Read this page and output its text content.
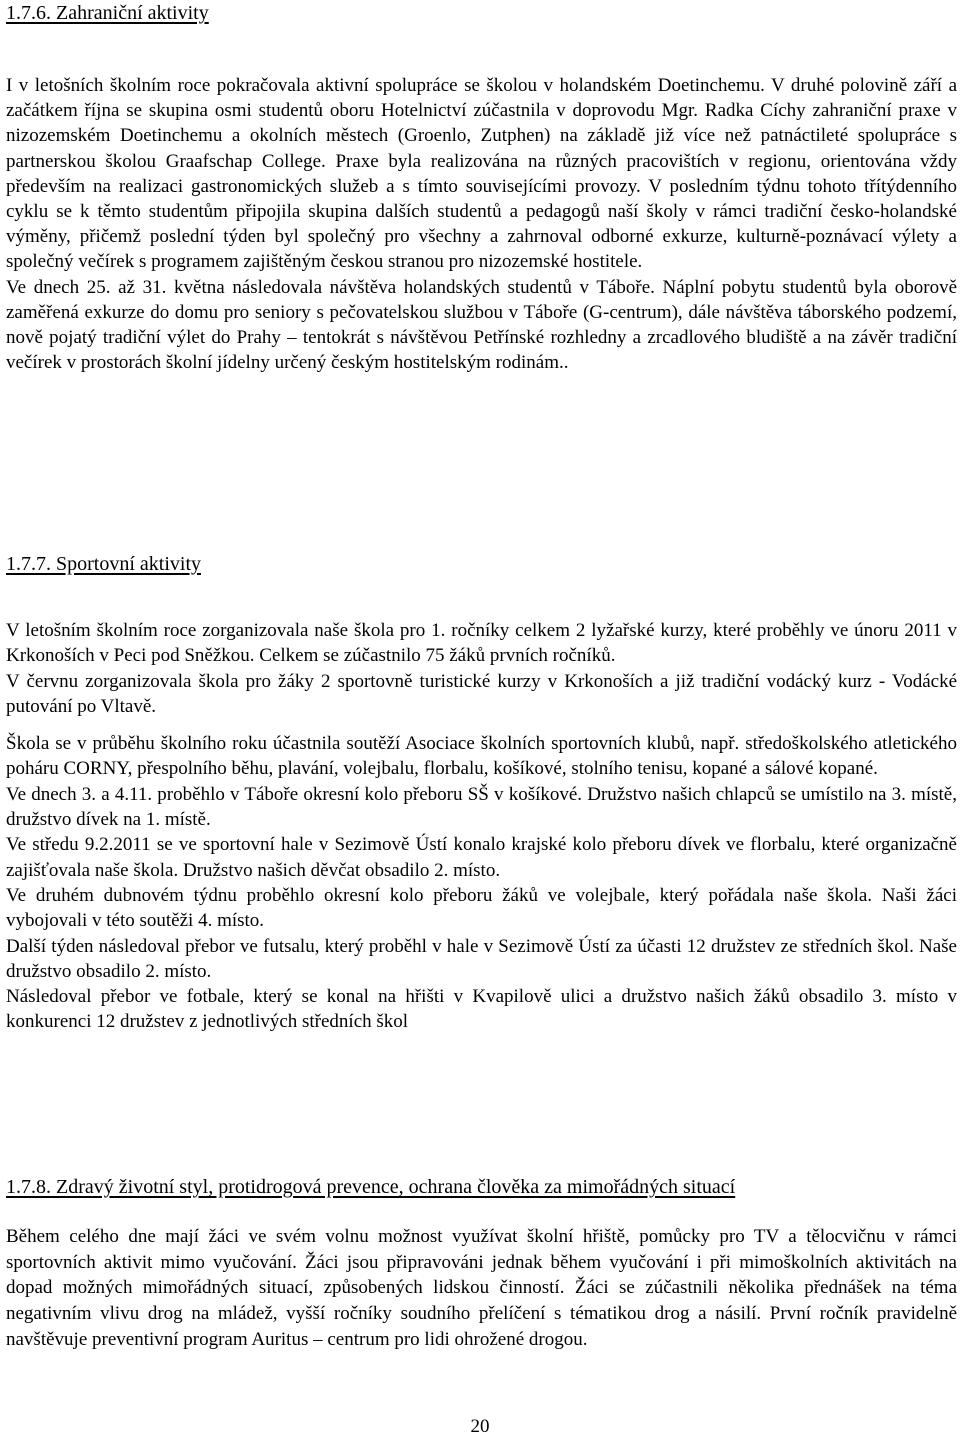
1.7.6. Zahraniční aktivity

I v letošních školním roce pokračovala aktivní spolupráce se školou v holandském Doetinchemu. V druhé polovině září a začátkem října se skupina osmi studentů oboru Hotelnictví zúčastnila v doprovodu Mgr. Radka Cíchy zahraniční praxe v nizozemském Doetinchemu a okolních městech (Groenlo, Zutphen) na základě již více než patnáctileté spolupráce s partnerskou školou Graafschap College. Praxe byla realizována na různých pracovištích v regionu, orientována vždy především na realizaci gastronomických služeb a s tímto souvisejícími provozy. V posledním týdnu tohoto třítýdenního cyklu se k těmto studentům připojila skupina dalších studentů a pedagogů naší školy v rámci tradiční česko-holandské výměny, přičemž poslední týden byl společný pro všechny a zahrnoval odborné exkurze, kulturně-poznávací výlety a společný večírek s programem zajištěným českou stranou pro nizozemské hostitele.

Ve dnech 25. až 31. května následovala návštěva holandských studentů v Táboře. Náplní pobytu studentů byla oborově zaměřená exkurze do domu pro seniory s pečovatelskou službou v Táboře (G-centrum), dále návštěva táborského podzemí, nově pojatý tradiční výlet do Prahy – tentokrát s návštěvou Petřínské rozhledny a zrcadlového bludiště a na závěr tradiční večírek v prostorách školní jídelny určený českým hostitelským rodinám..

1.7.7. Sportovní aktivity

V letošním školním roce zorganizovala naše škola pro 1. ročníky celkem 2 lyžařské kurzy, které proběhly ve únoru 2011 v Krkonoších v Peci pod Sněžkou. Celkem se zúčastnilo 75 žáků prvních ročníků.

V červnu zorganizovala škola pro žáky 2 sportovně turistické kurzy v Krkonoších a již tradiční vodácký kurz - Vodácké putování po Vltavě.

Škola se v průběhu školního roku účastnila soutěží Asociace školních sportovních klubů, např. středoškolského atletického poháru CORNY, přespolního běhu, plavání, volejbalu, florbalu, košíkové, stolního tenisu, kopané a sálové kopané.

Ve dnech 3. a 4.11. proběhlo v Táboře okresní kolo přeboru SŠ v košíkové. Družstvo našich chlapců se umístilo na 3. místě, družstvo dívek na 1. místě.

Ve středu 9.2.2011 se ve sportovní hale v Sezimově Ústí konalo krajské kolo přeboru dívek ve florbalu, které organizačně zajišťovala naše škola. Družstvo našich děvčat obsadilo 2. místo.

Ve druhém dubnovém týdnu proběhlo okresní kolo přeboru žáků ve volejbale, který pořádala naše škola. Naši žáci vybojovali v této soutěži 4. místo.

Další týden následoval přebor ve futsalu, který proběhl v hale v Sezimově Ústí za účasti 12 družstev ze středních škol. Naše družstvo obsadilo 2. místo.

Následoval přebor ve fotbale, který se konal na hřišti v Kvapilově ulici a družstvo našich žáků obsadilo 3. místo v konkurenci 12 družstev z jednotlivých středních škol

1.7.8. Zdravý životní styl, protidrogová prevence, ochrana člověka za mimořádných situací

Během celého dne mají žáci ve svém volnu možnost využívat školní hřiště, pomůcky pro TV a tělocvičnu v rámci sportovních aktivit mimo vyučování. Žáci jsou připravováni jednak během vyučování i při mimoškolních aktivitách na dopad možných mimořádných situací, způsobených lidskou činností. Žáci se zúčastnili několika přednášek na téma negativním vlivu drog na mládež, vyšší ročníky soudního přelíčení s tématikou drog a násilí. První ročník pravidelně navštěvuje preventivní program Auritus – centrum pro lidi ohrožené drogou.

20
